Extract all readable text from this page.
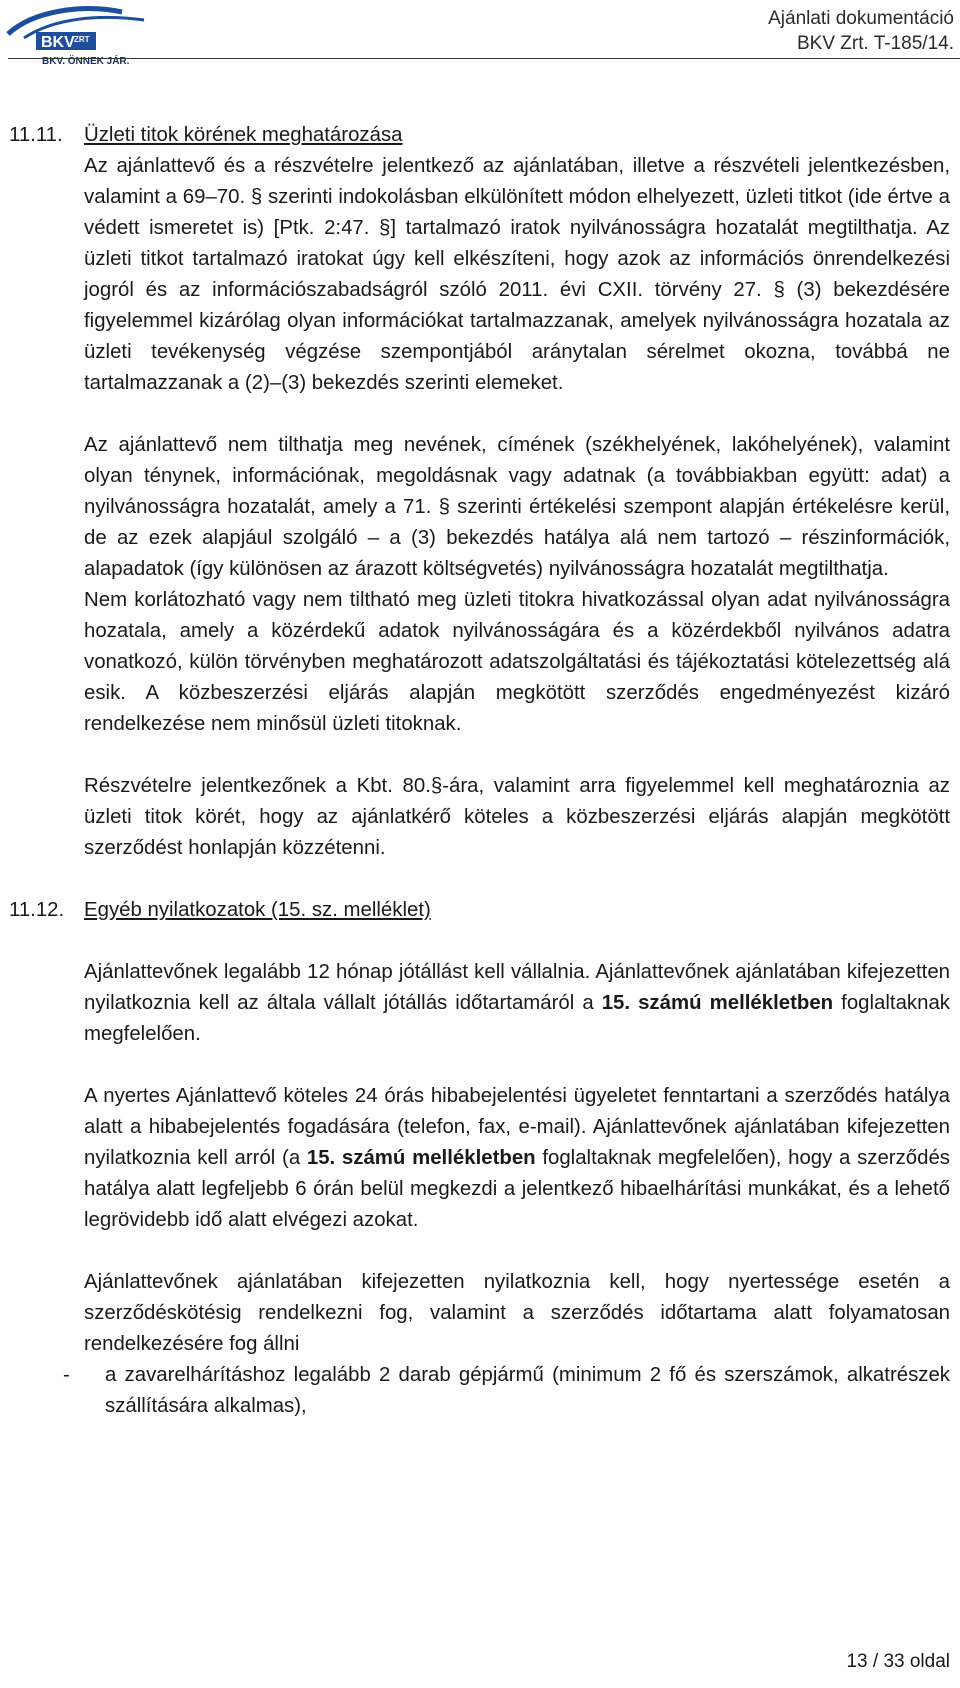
BKV ZRT
BKV. ÖNNEK JÁR.
Ajánlati dokumentáció
BKV Zrt. T-185/14.
11.11.	Üzleti titok körének meghatározása

Az ajánlattevő és a részvételre jelentkező az ajánlatában, illetve a részvételi jelentkezésben, valamint a 69–70. § szerinti indokolásban elkülönített módon elhelyezett, üzleti titkot (ide értve a védett ismeretet is) [Ptk. 2:47. §] tartalmazó iratok nyilvánosságra hozatalát megtilthatja. Az üzleti titkot tartalmazó iratokat úgy kell elkészíteni, hogy azok az információs önrendelkezési jogról és az információszabadságról szóló 2011. évi CXII. törvény 27. § (3) bekezdésére figyelemmel kizárólag olyan információkat tartalmazzanak, amelyek nyilvánosságra hozatala az üzleti tevékenység végzése szempontjából aránytalan sérelmet okozna, továbbá ne tartalmazzanak a (2)–(3) bekezdés szerinti elemeket.

Az ajánlattevő nem tilthatja meg nevének, címének (székhelyének, lakóhelyének), valamint olyan ténynek, információnak, megoldásnak vagy adatnak (a továbbiakban együtt: adat) a nyilvánosságra hozatalát, amely a 71. § szerinti értékelési szempont alapján értékelésre kerül, de az ezek alapjául szolgáló – a (3) bekezdés hatálya alá nem tartozó – részinformációk, alapadatok (így különösen az árazott költségvetés) nyilvánosságra hozatalát megtilthatja.

Nem korlátozható vagy nem tiltható meg üzleti titokra hivatkozással olyan adat nyilvánosságra hozatala, amely a közérdekű adatok nyilvánosságára és a közérdekből nyilvános adatra vonatkozó, külön törvényben meghatározott adatszolgáltatási és tájékoztatási kötelezettség alá esik. A közbeszerzési eljárás alapján megkötött szerződés engedményezést kizáró rendelkezése nem minősül üzleti titoknak.

Részvételre jelentkezőnek a Kbt. 80.§-ára, valamint arra figyelemmel kell meghatároznia az üzleti titok körét, hogy az ajánlatkérő köteles a közbeszerzési eljárás alapján megkötött szerződést honlapján közzétenni.

11.12. Egyéb nyilatkozatok (15. sz. melléklet)

Ajánlattevőnek legalább 12 hónap jótállást kell vállalnia. Ajánlattevőnek ajánlatában kifejezetten nyilatkoznia kell az általa vállalt jótállás időtartamáról a 15. számú mellékletben foglaltaknak megfelelően.

A nyertes Ajánlattevő köteles 24 órás hibabejelentési ügyeletet fenntartani a szerződés hatálya alatt a hibabejelentés fogadására (telefon, fax, e-mail). Ajánlattevőnek ajánlatában kifejezetten nyilatkoznia kell arról (a 15. számú mellékletben foglaltaknak megfelelően), hogy a szerződés hatálya alatt legfeljebb 6 órán belül megkezdi a jelentkező hibaelhárítási munkákat, és a lehető legrövidebb idő alatt elvégezi azokat.

Ajánlattevőnek ajánlatában kifejezetten nyilatkoznia kell, hogy nyertessége esetén a szerződéskötésig rendelkezni fog, valamint a szerződés időtartama alatt folyamatosan rendelkezésére fog állni

-	a zavarelhárításhoz legalább 2 darab gépjármű (minimum 2 fő és szerszámok, alkatrészek szállítására alkalmas),
13 / 33 oldal
